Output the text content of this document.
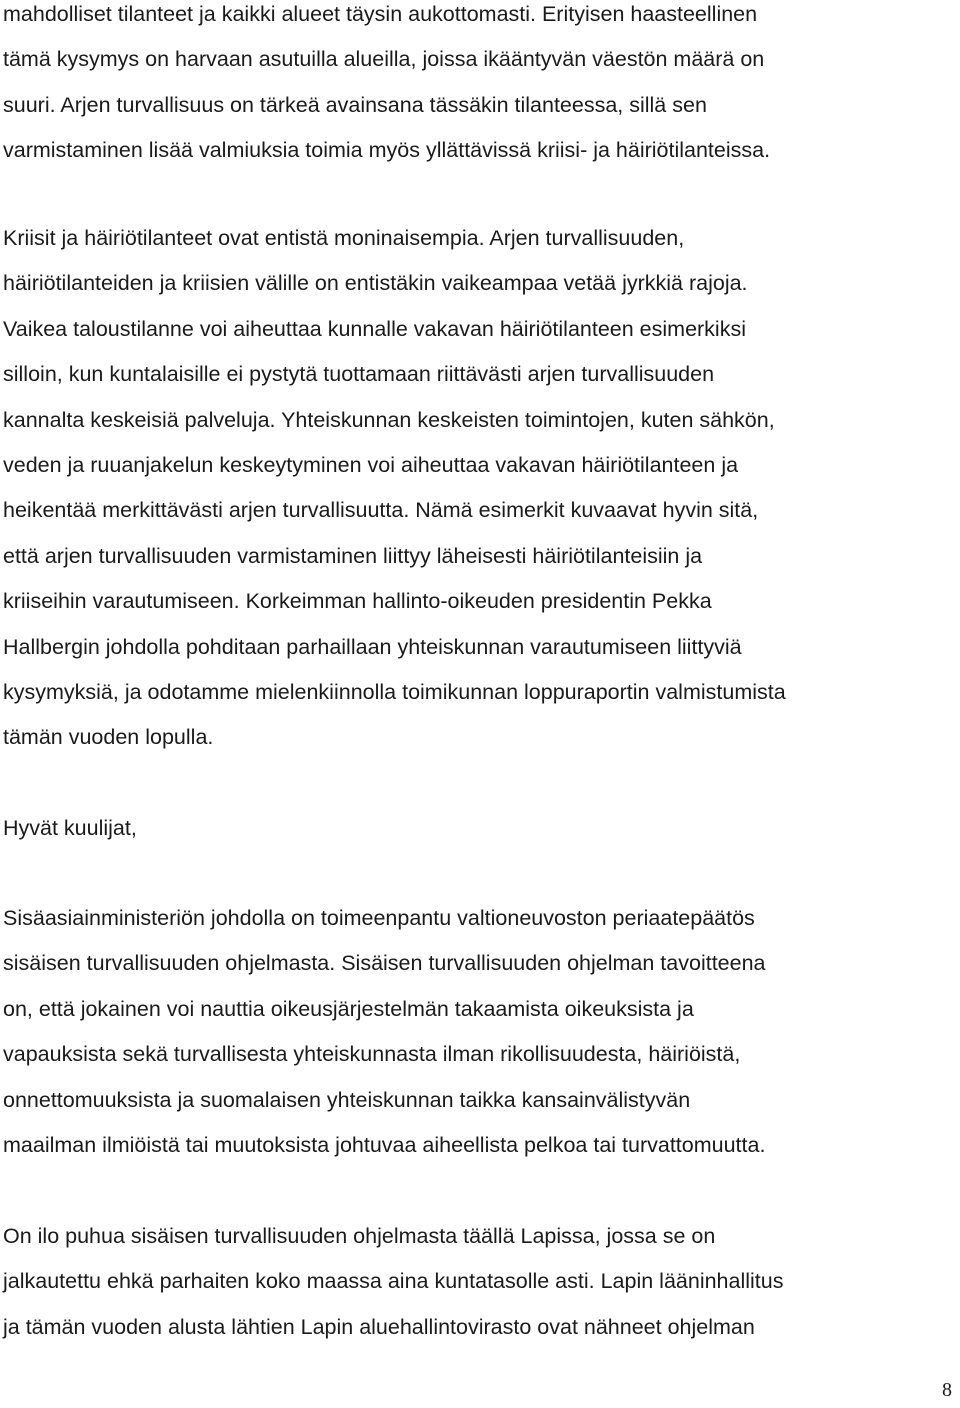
mahdolliset tilanteet ja kaikki alueet täysin aukottomasti. Erityisen haasteellinen
tämä kysymys on harvaan asutuilla alueilla, joissa ikääntyvän väestön määrä on
suuri. Arjen turvallisuus on tärkeä avainsana tässäkin tilanteessa, sillä sen
varmistaminen lisää valmiuksia toimia myös yllättävissä kriisi- ja häiriötilanteissa.

Kriisit ja häiriötilanteet ovat entistä moninaisempia. Arjen turvallisuuden,
häiriötilanteiden ja kriisien välille on entistäkin vaikeampaa vetää jyrkkiä rajoja.
Vaikea taloustilanne voi aiheuttaa kunnalle vakavan häiriötilanteen esimerkiksi
silloin, kun kuntalaisille ei pystytä tuottamaan riittävästi arjen turvallisuuden
kannalta keskeisiä palveluja. Yhteiskunnan keskeisten toimintojen, kuten sähkön,
veden ja ruuanjakelun keskeytyminen voi aiheuttaa vakavan häiriötilanteen ja
heikentää merkittävästi arjen turvallisuutta. Nämä esimerkit kuvaavat hyvin sitä,
että arjen turvallisuuden varmistaminen liittyy läheisesti häiriötilanteisiin ja
kriiseihin varautumiseen. Korkeimman hallinto-oikeuden presidentin Pekka
Hallbergin johdolla pohditaan parhaillaan yhteiskunnan varautumiseen liittyviä
kysymyksiä, ja odotamme mielenkiinnolla toimikunnan loppuraportin valmistumista
tämän vuoden lopulla.

Hyvät kuulijat,

Sisäasiainministeriön johdolla on toimeenpantu valtioneuvoston periaatepäätös
sisäisen turvallisuuden ohjelmasta. Sisäisen turvallisuuden ohjelman tavoitteena
on, että jokainen voi nauttia oikeusjärjestelmän takaamista oikeuksista ja
vapauksista sekä turvallisesta yhteiskunnasta ilman rikollisuudesta, häiriöistä,
onnettomuuksista ja suomalaisen yhteiskunnan taikka kansainvälistyvän
maailman ilmiöistä tai muutoksista johtuvaa aiheellista pelkoa tai turvattomuutta.

On ilo puhua sisäisen turvallisuuden ohjelmasta täällä Lapissa, jossa se on
jalkautettu ehkä parhaiten koko maassa aina kuntatasolle asti. Lapin lääninhallitus
ja tämän vuoden alusta lähtien Lapin aluehallintovirasto ovat nähneet ohjelman

8
